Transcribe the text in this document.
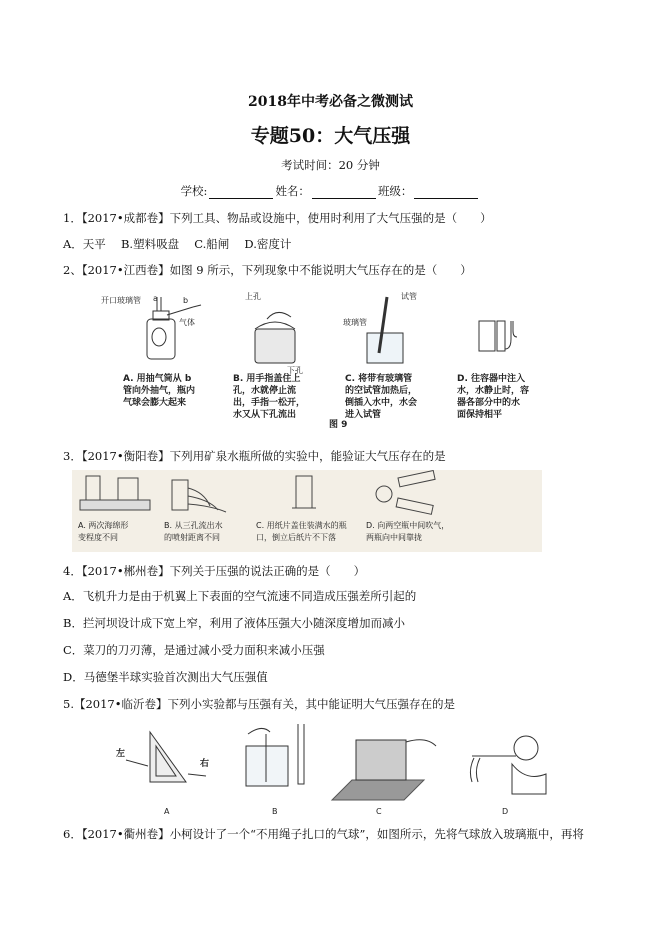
2018年中考必备之微测试
专题50：大气压强
考试时间：20 分钟
学校:	姓名：	班级：
1．【2017•成都卷】下列工具、物品或设施中，使用时利用了大气压强的是（　　）
A．天平　 B.塑料吸盘　 C.船闸　 D.密度计
2、【2017•江西卷】如图 9 所示，下列现象中不能说明大气压存在的是（　　）
开口玻璃管 a	b
气体
上孔
下孔
玻璃管
试管
A. 用抽气筒从 b
管向外抽气，瓶内
气球会膨大起来
B. 用手指盖住上
孔，水就停止流
出，手指一松开，
水又从下孔流出
C. 将带有玻璃管
的空试管加热后，
倒插入水中，水会
进入试管
D. 往容器中注入
水，水静止时，容
器各部分中的水
面保持相平
图 9
3．【2017•衡阳卷】下列用矿泉水瓶所做的实验中，能验证大气压存在的是
A. 两次海绵形
变程度不同
B. 从三孔流出水
的喷射距离不同
C. 用纸片盖住装满水的瓶
口，倒立后纸片不下落
D. 向两空瓶中间吹气，
两瓶向中间靠拢
4．【2017•郴州卷】下列关于压强的说法正确的是（　　）
A．飞机升力是由于机翼上下表面的空气流速不同造成压强差所引起的
B．拦河坝设计成下宽上窄，利用了液体压强大小随深度增加而减小
C．菜刀的刀刃薄，是通过减小受力面积来减小压强
D．马德堡半球实验首次测出大气压强值
5.【2017•临沂卷】下列小实验都与压强有关，其中能证明大气压强存在的是
左
右
A	B	C	D
6．【2017•衢州卷】小柯设计了一个“不用绳子扎口的气球”，如图所示，先将气球放入玻璃瓶中，再将
